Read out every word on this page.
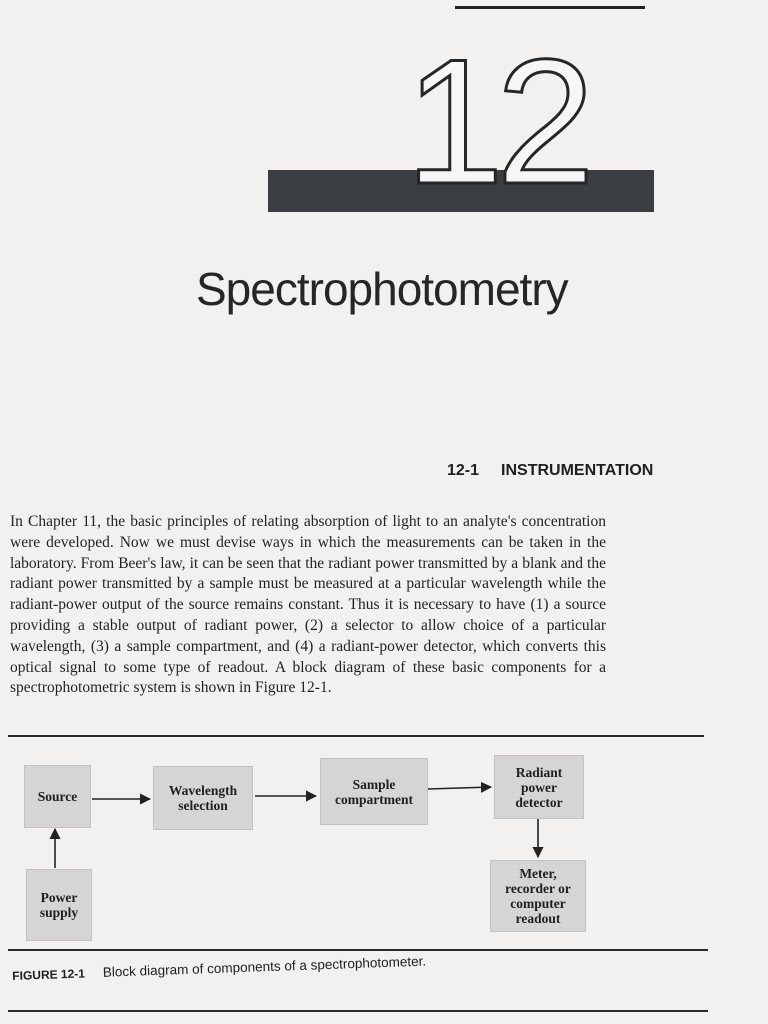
12
Spectrophotometry
12-1 INSTRUMENTATION

In Chapter 11, the basic principles of relating absorption of light to an analyte's concentration were developed. Now we must devise ways in which the measurements can be taken in the laboratory. From Beer's law, it can be seen that the radiant power transmitted by a blank and the radiant power transmitted by a sample must be measured at a particular wavelength while the radiant-power output of the source remains constant. Thus it is necessary to have (1) a source providing a stable output of radiant power, (2) a selector to allow choice of a particular wavelength, (3) a sample compartment, and (4) a radiant-power detector, which converts this optical signal to some type of readout. A block diagram of these basic components for a spectrophotometric system is shown in Figure 12-1.

Source	Wavelength selection
Sample compartment
Radiant power detector
Power supply
Meter, recorder or computer readout
FIGURE 12-1 Block diagram of components of a spectrophotometer.
